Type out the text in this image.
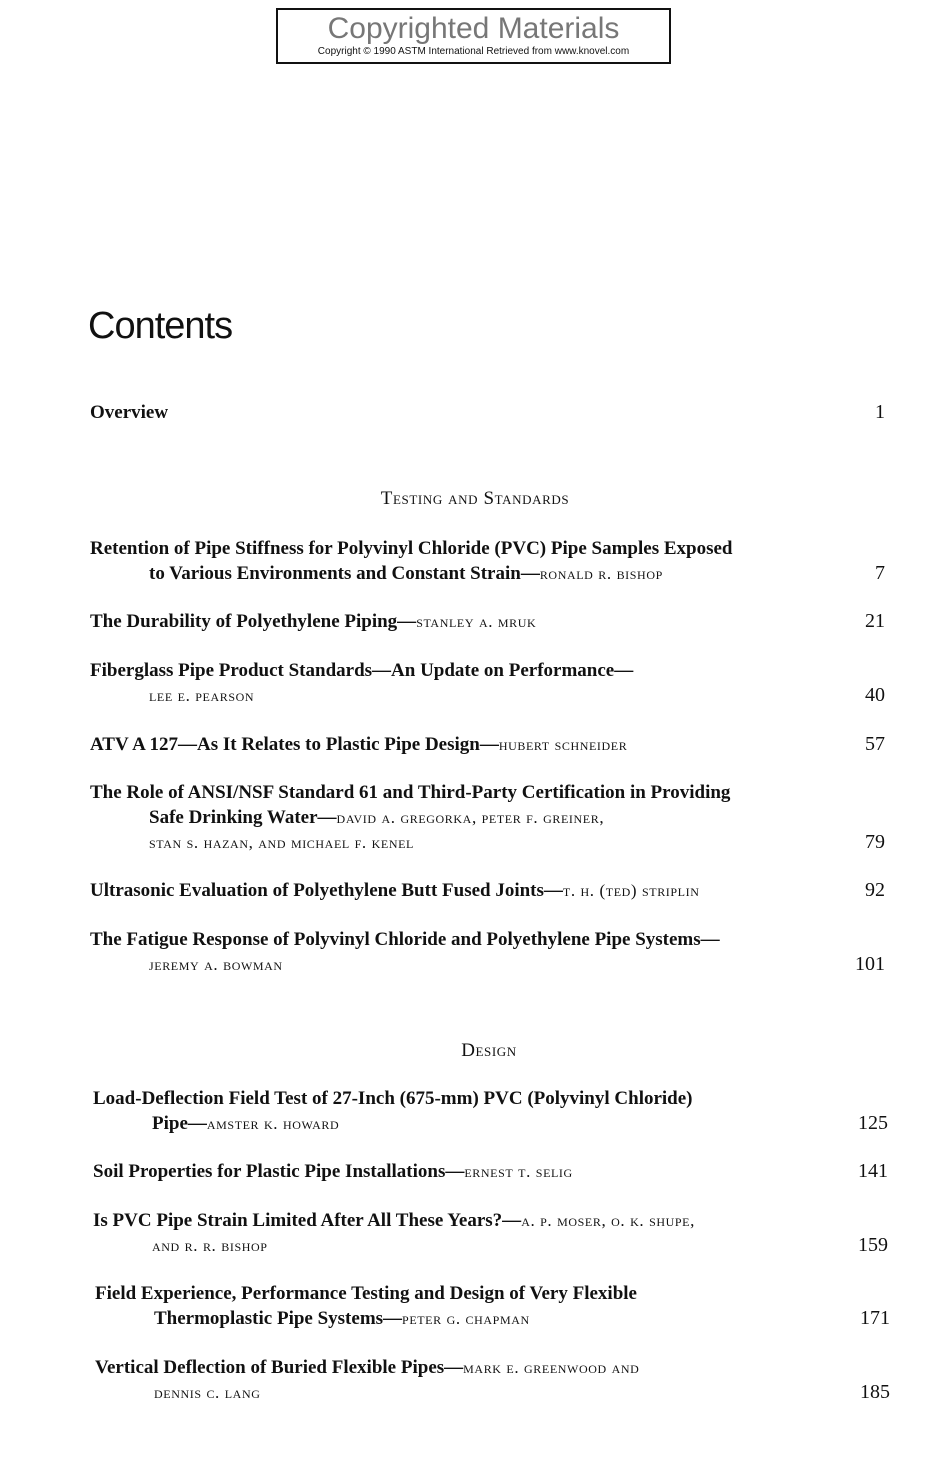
Copyrighted Materials
Copyright © 1990 ASTM International Retrieved from www.knovel.com
Contents
Overview	1
Testing and Standards
Retention of Pipe Stiffness for Polyvinyl Chloride (PVC) Pipe Samples Exposed
to Various Environments and Constant Strain—ronald r. bishop	7
The Durability of Polyethylene Piping—stanley a. mruk	21
Fiberglass Pipe Product Standards—An Update on Performance—
lee e. pearson	40
ATV A 127—As It Relates to Plastic Pipe Design—hubert schneider	57
The Role of ANSI/NSF Standard 61 and Third-Party Certification in Providing
Safe Drinking Water—david a. gregorka, peter f. greiner,
stan s. hazan, and michael f. kenel	79
Ultrasonic Evaluation of Polyethylene Butt Fused Joints—t. h. (ted) striplin	92
The Fatigue Response of Polyvinyl Chloride and Polyethylene Pipe Systems—
jeremy a. bowman	101
Design
Load-Deflection Field Test of 27-Inch (675-mm) PVC (Polyvinyl Chloride)
Pipe—amster k. howard	125
Soil Properties for Plastic Pipe Installations—ernest t. selig	141
Is PVC Pipe Strain Limited After All These Years?—a. p. moser, o. k. shupe,
and r. r. bishop	159
Field Experience, Performance Testing and Design of Very Flexible
Thermoplastic Pipe Systems—peter g. chapman	171
Vertical Deflection of Buried Flexible Pipes—mark e. greenwood and
dennis c. lang	185
